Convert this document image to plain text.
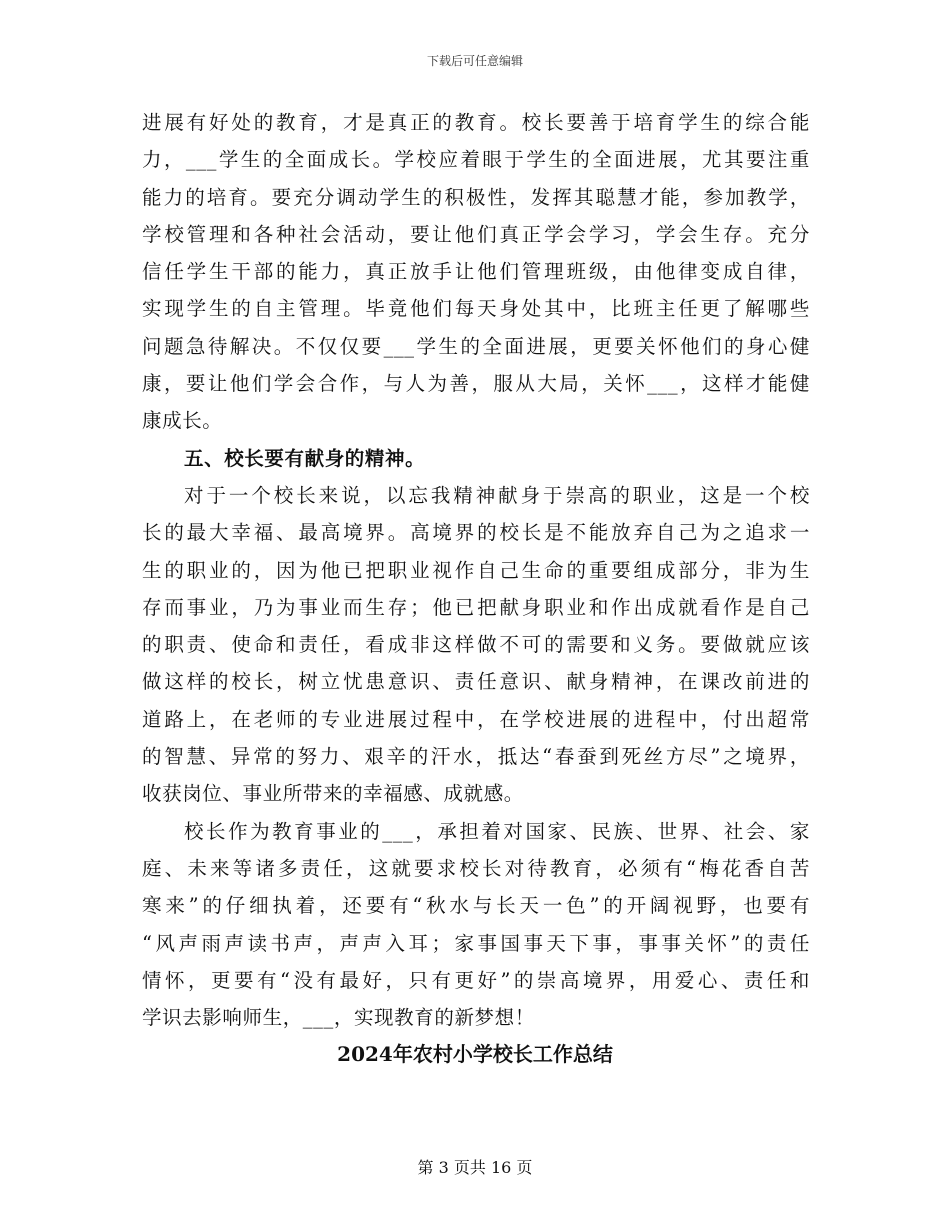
下载后可任意编辑
进展有好处的教育，才是真正的教育。校长要善于培育学生的综合能
力，___学生的全面成长。学校应着眼于学生的全面进展，尤其要注重
能力的培育。要充分调动学生的积极性，发挥其聪慧才能，参加教学，
学校管理和各种社会活动，要让他们真正学会学习，学会生存。充分
信任学生干部的能力，真正放手让他们管理班级，由他律变成自律，
实现学生的自主管理。毕竟他们每天身处其中，比班主任更了解哪些
问题急待解决。不仅仅要___学生的全面进展，更要关怀他们的身心健
康，要让他们学会合作，与人为善，服从大局，关怀___，这样才能健
康成长。
五、校长要有献身的精神。
对于一个校长来说，以忘我精神献身于崇高的职业，这是一个校
长的最大幸福、最高境界。高境界的校长是不能放弃自己为之追求一
生的职业的，因为他已把职业视作自己生命的重要组成部分，非为生
存而事业，乃为事业而生存；他已把献身职业和作出成就看作是自己
的职责、使命和责任，看成非这样做不可的需要和义务。要做就应该
做这样的校长，树立忧患意识、责任意识、献身精神，在课改前进的
道路上，在老师的专业进展过程中，在学校进展的进程中，付出超常
的智慧、异常的努力、艰辛的汗水，抵达“春蚕到死丝方尽”之境界，
收获岗位、事业所带来的幸福感、成就感。
校长作为教育事业的___，承担着对国家、民族、世界、社会、家
庭、未来等诸多责任，这就要求校长对待教育，必须有“梅花香自苦
寒来”的仔细执着，还要有“秋水与长天一色”的开阔视野，也要有
“风声雨声读书声，声声入耳；家事国事天下事，事事关怀”的责任
情怀，更要有“没有最好，只有更好”的崇高境界，用爱心、责任和
学识去影响师生，___，实现教育的新梦想！
2024年农村小学校长工作总结
第 3 页共 16 页
